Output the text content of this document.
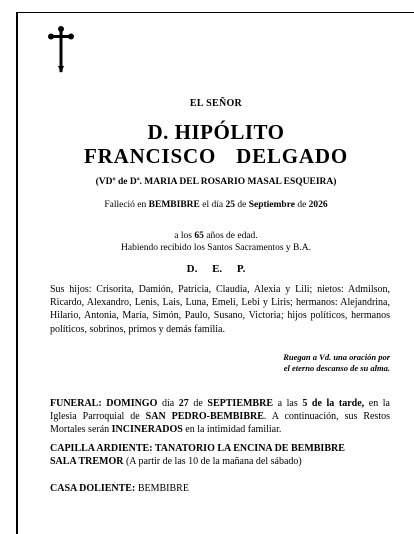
EL SEÑOR
D. HIPÓLITO
FRANCISCO  DELGADO
(VDº de Dª. MARIA DEL ROSARIO MASAL ESQUEIRA)
Falleció en BEMBIBRE el día 25 de Septiembre de 2026

a los 65 años de edad.

Habiendo recibido los Santos Sacramentos y B.A.
D. E. P.
Sus hijos: Crisorita, Damión, Patricia, Claudia, Alexia y Lili; nietos: Admilson, Ricardo, Alexandro, Lenis, Lais, Luna, Emeli, Lebi y Liris; hermanos: Alejandrina, Hilario, Antonia, María, Simón, Paulo, Susano, Victoria; hijos políticos, hermanos políticos, sobrinos, primos y demás familia.
Ruegan a Vd. una oración por
el eterno descanso de su alma.
FUNERAL: DOMINGO día 27 de SEPTIEMBRE a las 5 de la tarde, en la Iglesia Parroquial de SAN PEDRO-BEMBIBRE. A continuación, sus Restos Mortales serán INCINERADOS en la intimidad familiar.
CAPILLA ARDIENTE: TANATORIO LA ENCINA DE BEMBIBRE
SALA TREMOR (A partir de las 10 de la mañana del sábado)
CASA DOLIENTE: BEMBIBRE
